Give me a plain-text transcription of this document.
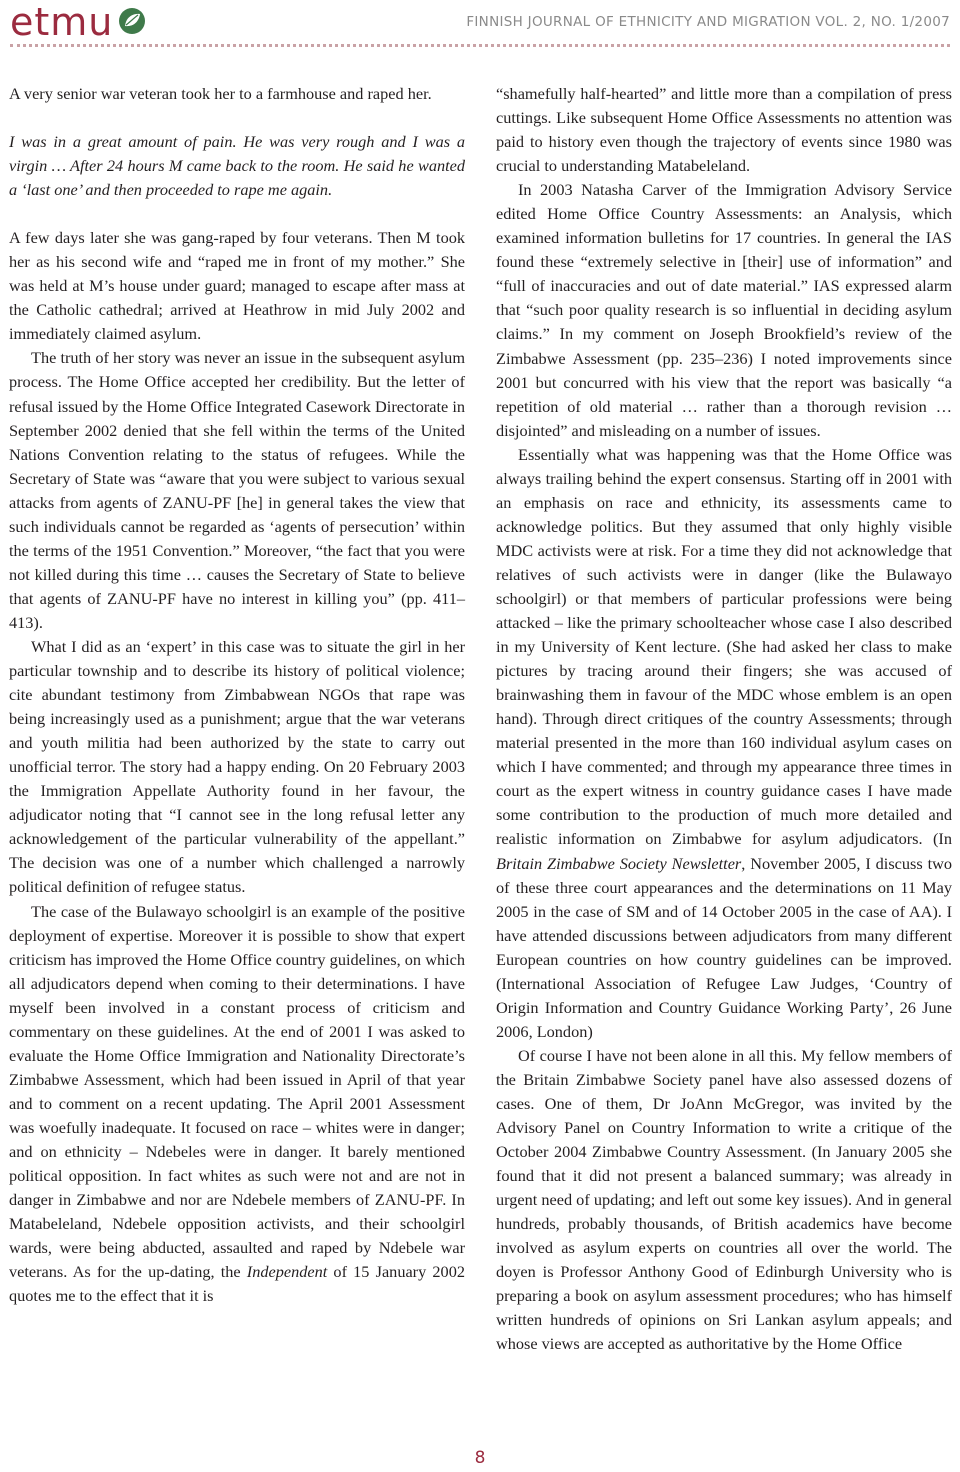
etmu	FINNISH JOURNAL OF ETHNICITY AND MIGRATION VOL. 2, NO. 1/2007

A very senior war veteran took her to a farmhouse and raped her.

I was in a great amount of pain. He was very rough and I was a virgin … After 24 hours M came back to the room. He said he wanted a ‘last one’ and then proceeded to rape me again.

A few days later she was gang-raped by four veterans. Then M took her as his second wife and “raped me in front of my mother.” She was held at M’s house under guard; managed to escape after mass at the Catholic cathedral; arrived at Heathrow in mid July 2002 and immediately claimed asylum.

The truth of her story was never an issue in the subsequent asylum process. The Home Office accepted her credibility. But the letter of refusal issued by the Home Office Integrated Casework Directorate in September 2002 denied that she fell within the terms of the United Nations Convention relating to the status of refugees. While the Secretary of State was “aware that you were subject to various sexual attacks from agents of ZANU-PF [he] in general takes the view that such individuals cannot be regarded as ‘agents of persecution’ within the terms of the 1951 Convention.” Moreover, “the fact that you were not killed during this time … causes the Secretary of State to believe that agents of ZANU-PF have no interest in killing you” (pp. 411–413).

What I did as an ‘expert’ in this case was to situate the girl in her particular township and to describe its history of political violence; cite abundant testimony from Zimbabwean NGOs that rape was being increasingly used as a punishment; argue that the war veterans and youth militia had been authorized by the state to carry out unofficial terror. The story had a happy ending. On 20 February 2003 the Immigration Appellate Authority found in her favour, the adjudicator noting that “I cannot see in the long refusal letter any acknowledgement of the particular vulnerability of the appellant.” The decision was one of a number which challenged a narrowly political definition of refugee status.

The case of the Bulawayo schoolgirl is an example of the positive deployment of expertise. Moreover it is possible to show that expert criticism has improved the Home Office country guidelines, on which all adjudicators depend when coming to their determinations. I have myself been involved in a constant process of criticism and commentary on these guidelines. At the end of 2001 I was asked to evaluate the Home Office Immigration and Nationality Directorate’s Zimbabwe Assessment, which had been issued in April of that year and to comment on a recent updating. The April 2001 Assessment was woefully inadequate. It focused on race – whites were in danger; and on ethnicity – Ndebeles were in danger. It barely mentioned political opposition. In fact whites as such were not and are not in danger in Zimbabwe and nor are Ndebele members of ZANU-PF. In Matabeleland, Ndebele opposition activists, and their schoolgirl wards, were being abducted, assaulted and raped by Ndebele war veterans. As for the up-dating, the Independent of 15 January 2002 quotes me to the effect that it is

“shamefully half-hearted” and little more than a compilation of press cuttings. Like subsequent Home Office Assessments no attention was paid to history even though the trajectory of events since 1980 was crucial to understanding Matabeleland.

In 2003 Natasha Carver of the Immigration Advisory Service edited Home Office Country Assessments: an Analysis, which examined information bulletins for 17 countries. In general the IAS found these “extremely selective in [their] use of information” and “full of inaccuracies and out of date material.” IAS expressed alarm that “such poor quality research is so influential in deciding asylum claims.” In my comment on Joseph Brookfield’s review of the Zimbabwe Assessment (pp. 235–236) I noted improvements since 2001 but concurred with his view that the report was basically “a repetition of old material … rather than a thorough revision … disjointed” and misleading on a number of issues.

Essentially what was happening was that the Home Office was always trailing behind the expert consensus. Starting off in 2001 with an emphasis on race and ethnicity, its assessments came to acknowledge politics. But they assumed that only highly visible MDC activists were at risk. For a time they did not acknowledge that relatives of such activists were in danger (like the Bulawayo schoolgirl) or that members of particular professions were being attacked – like the primary schoolteacher whose case I also described in my University of Kent lecture. (She had asked her class to make pictures by tracing around their fingers; she was accused of brainwashing them in favour of the MDC whose emblem is an open hand). Through direct critiques of the country Assessments; through material presented in the more than 160 individual asylum cases on which I have commented; and through my appearance three times in court as the expert witness in country guidance cases I have made some contribution to the production of much more detailed and realistic information on Zimbabwe for asylum adjudicators. (In Britain Zimbabwe Society Newsletter, November 2005, I discuss two of these three court appearances and the determinations on 11 May 2005 in the case of SM and of 14 October 2005 in the case of AA). I have attended discussions between adjudicators from many different European countries on how country guidelines can be improved. (International Association of Refugee Law Judges, ‘Country of Origin Information and Country Guidance Working Party’, 26 June 2006, London)

Of course I have not been alone in all this. My fellow members of the Britain Zimbabwe Society panel have also assessed dozens of cases. One of them, Dr JoAnn McGregor, was invited by the Advisory Panel on Country Information to write a critique of the October 2004 Zimbabwe Country Assessment. (In January 2005 she found that it did not present a balanced summary; was already in urgent need of updating; and left out some key issues). And in general hundreds, probably thousands, of British academics have become involved as asylum experts on countries all over the world. The doyen is Professor Anthony Good of Edinburgh University who is preparing a book on asylum assessment procedures; who has himself written hundreds of opinions on Sri Lankan asylum appeals; and whose views are accepted as authoritative by the Home Office

8
